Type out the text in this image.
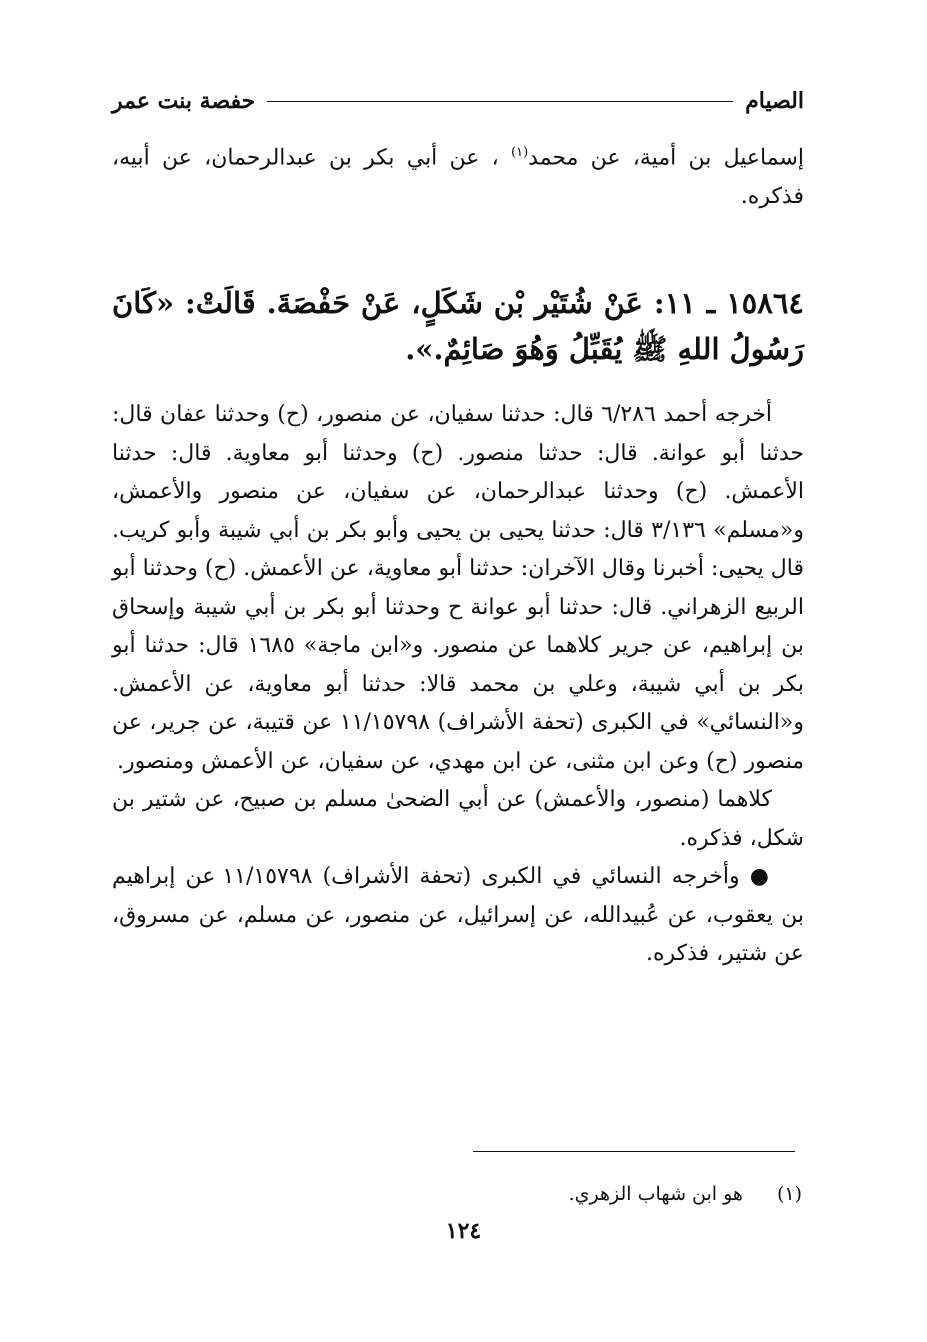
الصيام
حفصة بنت عمر
إسماعيل بن أمية، عن محمد$^{(١)}$ ، عن أبي بكر بن عبدالرحمان، عن أبيه، فذكره.
١٥٨٦٤ ـ ١١: عَنْ شُتَيْر بْن شَكَلٍ، عَنْ حَفْصَةَ. قَالَتْ: «كَانَ رَسُولُ اللهِ ﷺ يُقَبِّلُ وَهُوَ صَائِمٌ.».

أخرجه أحمد ٦/٢٨٦ قال: حدثنا سفيان، عن منصور، (ح) وحدثنا عفان قال: حدثنا أبو عوانة. قال: حدثنا منصور. (ح) وحدثنا أبو معاوية. قال: حدثنا الأعمش. (ح) وحدثنا عبدالرحمان، عن سفيان، عن منصور والأعمش، و«مسلم» ٣/١٣٦ قال: حدثنا يحيى بن يحيى وأبو بكر بن أبي شيبة وأبو كريب. قال يحيى: أخبرنا وقال الآخران: حدثنا أبو معاوية، عن الأعمش. (ح) وحدثنا أبو الربيع الزهراني. قال: حدثنا أبو عوانة ح وحدثنا أبو بكر بن أبي شيبة وإسحاق بن إبراهيم، عن جرير كلاهما عن منصور. و«ابن ماجة» ١٦٨٥ قال: حدثنا أبو بكر بن أبي شيبة، وعلي بن محمد قالا: حدثنا أبو معاوية، عن الأعمش. و«النسائي» في الكبرى (تحفة الأشراف) ١١/١٥٧٩٨ عن قتيبة، عن جرير، عن منصور (ح) وعن ابن مثنى، عن ابن مهدي، عن سفيان، عن الأعمش ومنصور.

كلاهما (منصور، والأعمش) عن أبي الضحىٰ مسلم بن صبيح، عن شتير بن شكل، فذكره.

● وأخرجه النسائي في الكبرى (تحفة الأشراف) ١١/١٥٧٩٨ عن إبراهيم بن يعقوب، عن عُبيدالله، عن إسرائيل، عن منصور، عن مسلم، عن مسروق، عن شتير، فذكره.

(١)
هو ابن شهاب الزهري.
١٢٤
